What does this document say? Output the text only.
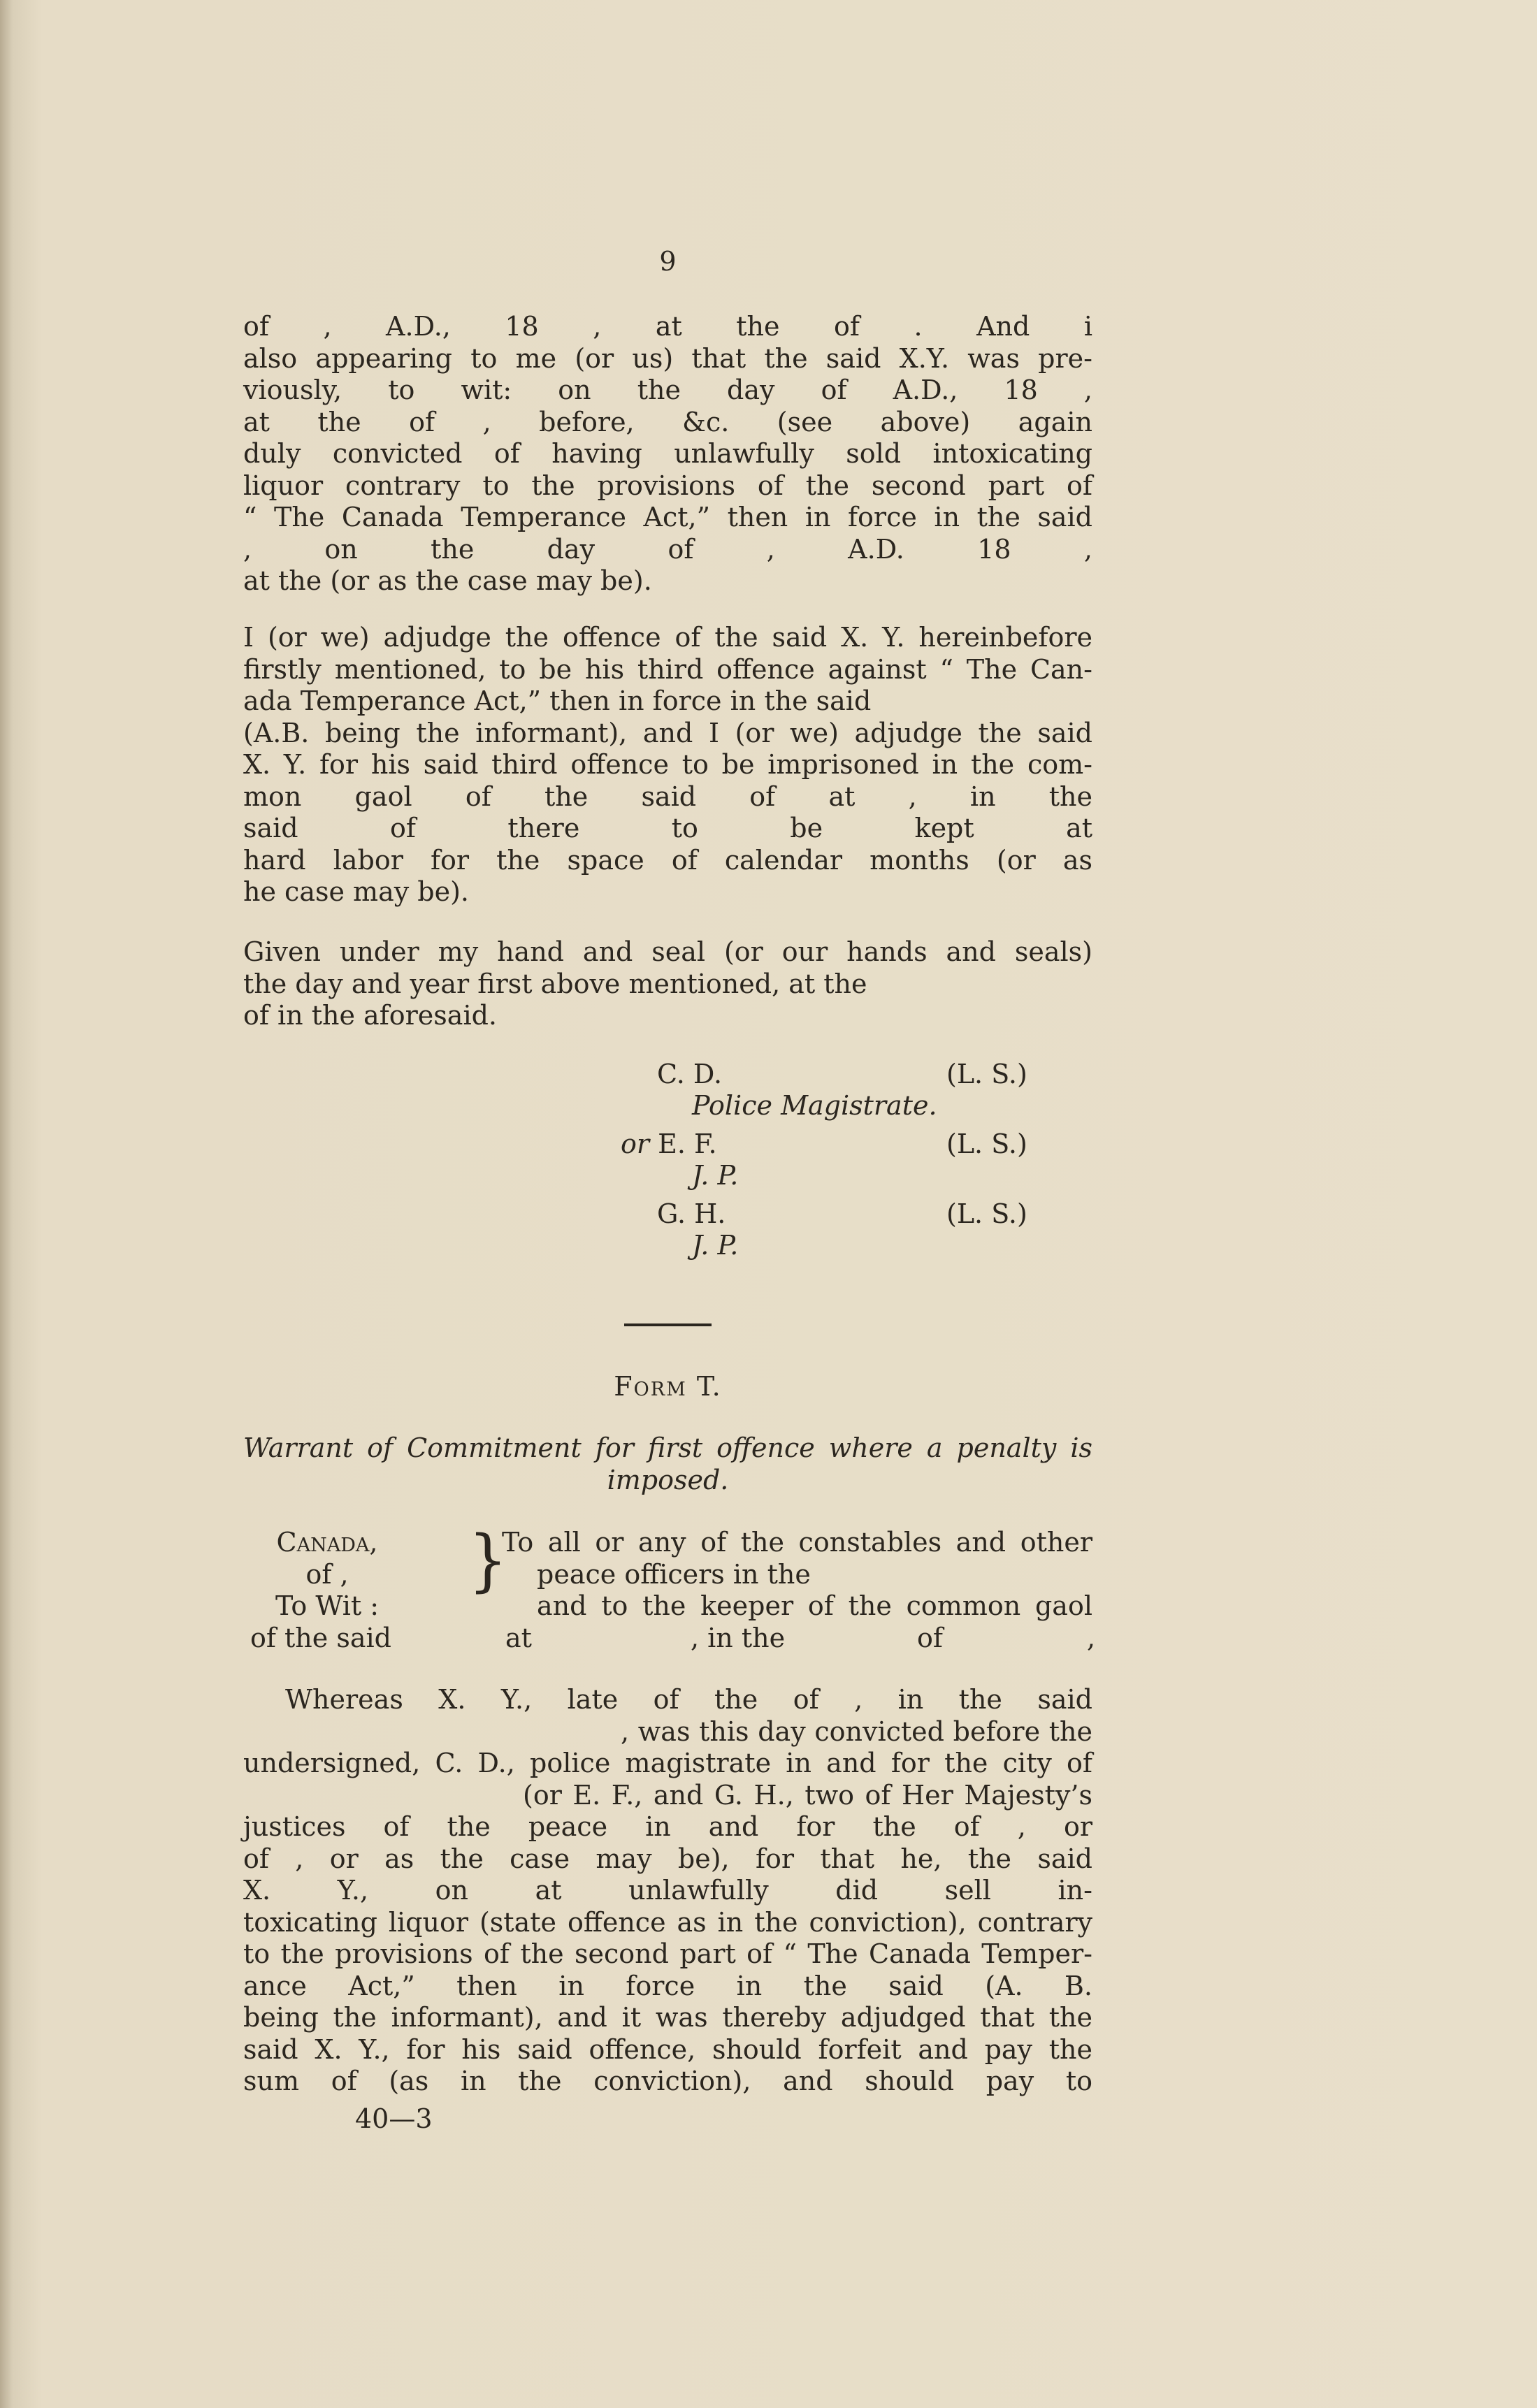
9
of , A.D., 18 , at the of . And i
also appearing to me (or us) that the said X.Y. was pre-
viously, to wit: on the day of A.D., 18 ,
at the of , before, &c. (see above) again
duly convicted of having unlawfully sold intoxicating
liquor contrary to the provisions of the second part of
“ The Canada Temperance Act,” then in force in the said
, on the day of , A.D. 18 ,
at the (or as the case may be).
I (or we) adjudge the offence of the said X. Y. hereinbefore
firstly mentioned, to be his third offence against “ The Can-
ada Temperance Act,” then in force in the said
(A.B. being the informant), and I (or we) adjudge the said
X. Y. for his said third offence to be imprisoned in the com-
mon gaol of the said of at , in the
said of there to be kept at
hard labor for the space of calendar months (or as
he case may be).
Given under my hand and seal (or our hands and seals)
the day and year first above mentioned, at the
of in the aforesaid.
C. D.	(L. S.)
Police Magistrate.
or E. F.	(L. S.)
J. P.
G. H.	(L. S.)
J. P.
Form T.
Warrant of Commitment for first offence where a penalty is
imposed.
Canada,
of ,
To Wit :
}
To all or any of the constables and other
peace officers in the
and to the keeper of the common gaol
of the said	at	, in the	of	,
Whereas X. Y., late of the of , in the said
, was this day convicted before the
undersigned, C. D., police magistrate in and for the city of
(or E. F., and G. H., two of Her Majesty’s
justices of the peace in and for the of , or
of , or as the case may be), for that he, the said
X. Y., on at unlawfully did sell in-
toxicating liquor (state offence as in the conviction), contrary
to the provisions of the second part of “ The Canada Temper-
ance Act,” then in force in the said (A. B.
being the informant), and it was thereby adjudged that the
said X. Y., for his said offence, should forfeit and pay the
sum of (as in the conviction), and should pay to
40—3
